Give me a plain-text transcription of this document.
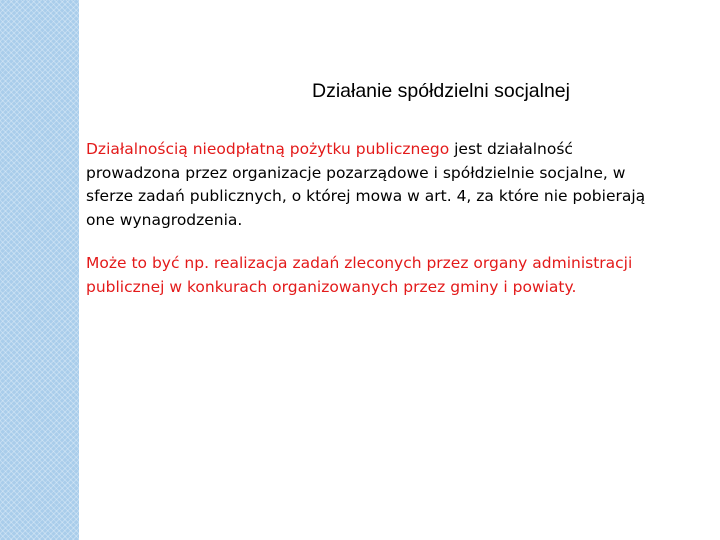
Działanie spółdzielni socjalnej

Działalnością nieodpłatną pożytku publicznego jest działalność prowadzona przez organizacje pozarządowe i spółdzielnie socjalne, w sferze zadań publicznych, o której mowa w art. 4, za które nie pobierają one wynagrodzenia.

Może to być np. realizacja zadań zleconych przez organy administracji publicznej w konkurach organizowanych przez gminy i powiaty.
